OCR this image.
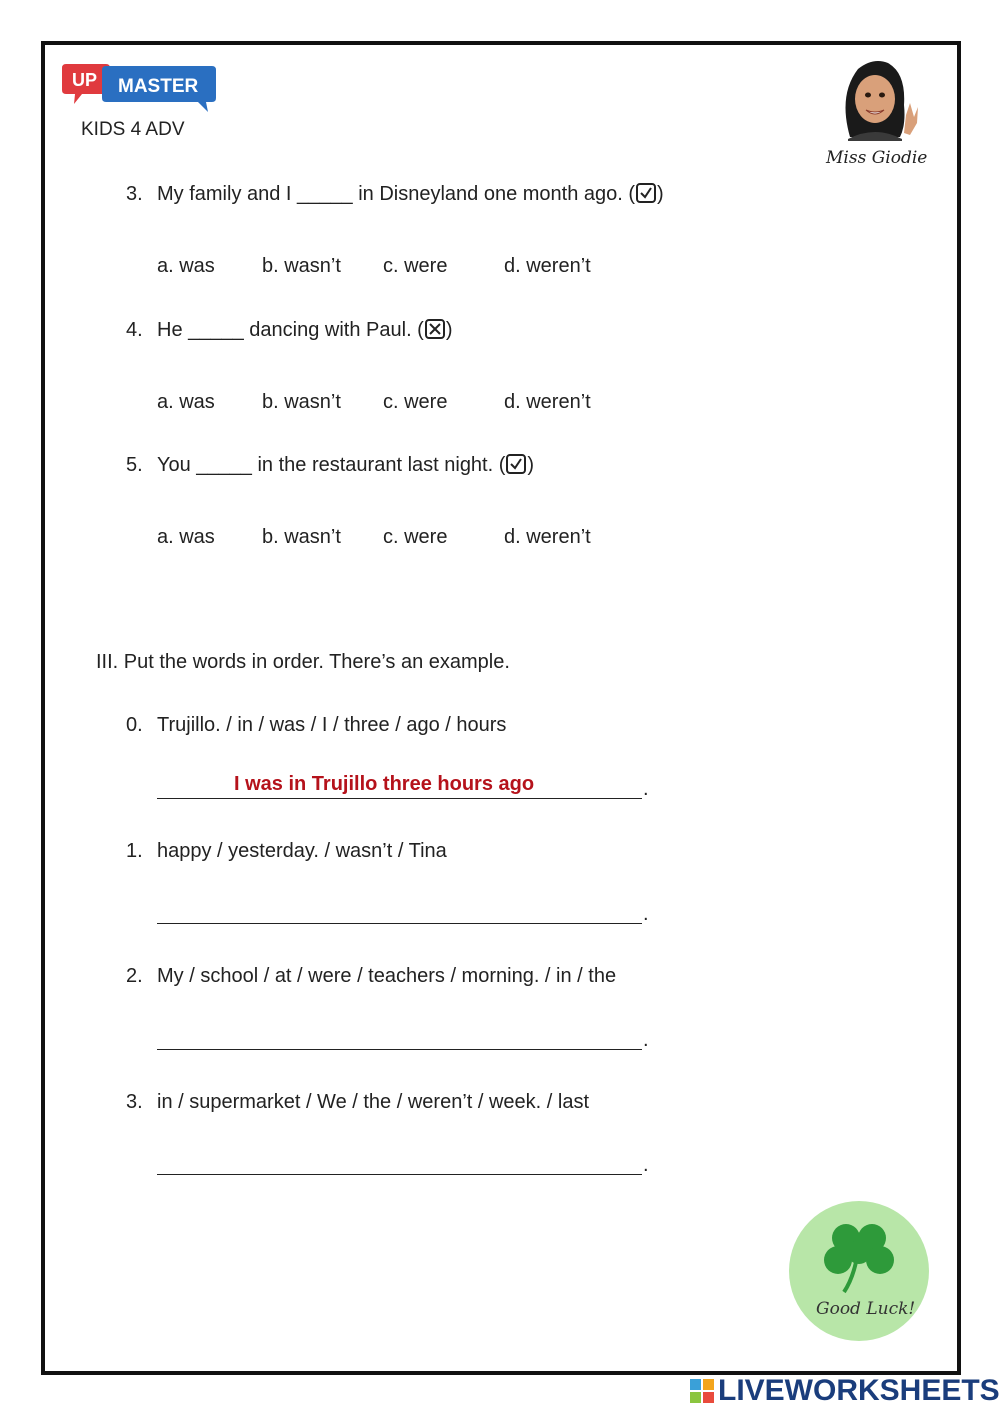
UP MASTER
KIDS 4 ADV
Miss Giodie
3. My family and I _____ in Disneyland one month ago. ( )
a. was b. wasn’t c. were	d. weren’t
4. He _____ dancing with Paul. ( )
a. was b. wasn’t c. were	d. weren’t
5. You _____ in the restaurant last night. ( )
a. was b. wasn’t c. were	d. weren’t
III. Put the words in order. There’s an example.
0. Trujillo. / in / was / I / three / ago / hours
I was in Trujillo three hours ago	.
1. happy / yesterday. / wasn’t / Tina
.
2. My / school / at / were / teachers / morning. / in / the
.
3. in / supermarket / We / the / weren’t / week. / last
.
Good Luck!
LIVEWORKSHEETS
